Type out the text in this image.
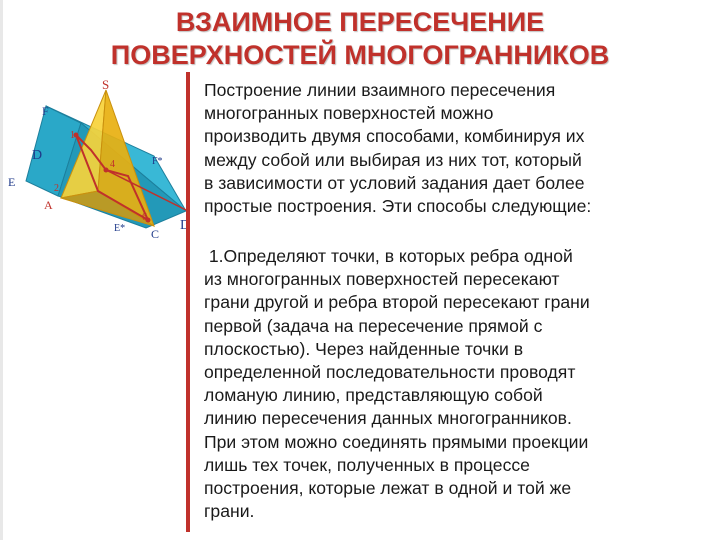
ВЗАИМНОЕ ПЕРЕСЕЧЕНИЕ
ПОВЕРХНОСТЕЙ МНОГОГРАННИКОВ
S
F
D
E
A
D
E* C
F*
1
2
4
6

Построение линии взаимного пересечения
многогранных поверхностей можно
производить двумя способами, комбинируя их
между собой или выбирая из них тот, который
в зависимости от условий задания дает более
простые построения. Эти способы следующие:

1.Определяют точки, в которых ребра одной
из многогранных поверхностей пересекают
грани другой и ребра второй пересекают грани
первой (задача на пересечение прямой с
плоскостью). Через найденные точки в
определенной последовательности проводят
ломаную линию, представляющую собой
линию пересечения данных многогранников.
При этом можно соединять прямыми проекции
лишь тех точек, полученных в процессе
построения, которые лежат в одной и той же
грани.
